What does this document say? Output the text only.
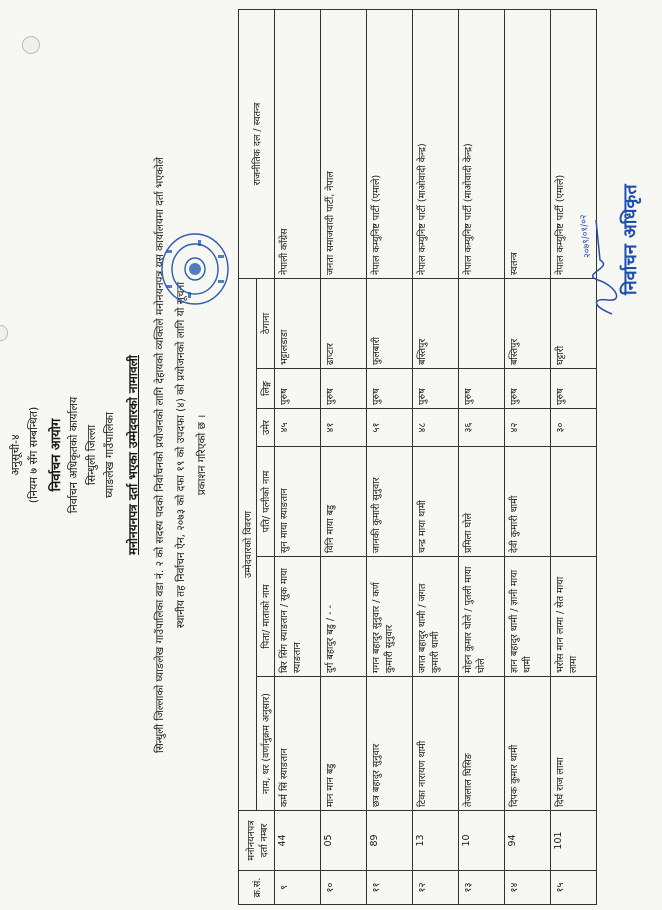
अनुसूची-४ (नियम ७ सँग सम्बन्धित) निर्वाचन आयोग निर्वाचन अधिकृतको कार्यालय सिन्धुली जिल्ला घ्याङलेख गाउँपालिका मनोनयनपत्र दर्ता भएका उम्मेदवारको नामावली	सिन्धुली जिल्लाको घ्याङलेख गाउँपालिका वडा नं. २ को सदस्य पदको निर्वाचनको प्रयोजनको लागि देहायको व्यक्तिले मनोनयनपत्र यस कार्यालयमा दर्ता भएकोले स्थानीय तह निर्वाचन ऐन, २०७३ को दफा १९ को उपदफा (४) को प्रयोजनको लागि यो सूचना प्रकाशन गरिएको छ ।
क्र.सं.	मनोनयनपत्र दर्ता नम्बर	उम्मेदवारको विवरण						राजनीतिक दल / स्वतन्त्र
		नाम, थर (वर्णानुक्रम अनुसार)	पिता/ माताको नाम	पति/ पत्नीको नाम	उमेर	लिङ्ग	ठेगाना	
९	44	कर्म सिं स्याङतान	बिर सिंग स्याङतान / सुक माया स्याङतान	सुन माया स्याङतान	४५	पुरुष	भट्टालडाडा	नेपाली काँग्रेस
१०	05	मान मान बडु	दुर्ग बहादुर बडु / - -	विनि माया बडु	४१	पुरुष	ढाप्टार	जनता समाजवादी पार्टी, नेपाल
११	89	छत्र बहादुर सुनुवार	गगन बहादुर सुनुवार / कर्ण कुमारी सुनुवार	जानकी कुमारी सुनुवार	५१	पुरुष	फुलबारी	नेपाल कम्युनिष्ट पार्टी (एमाले)
१२	13	टिका नारायण थामी	जगत बहादुर थामी / जगत कुमारी थामी	चन्द्र माया थामी	४८	पुरुष	बस्तिपुर	नेपाल कम्युनिष्ट पार्टी (माओवादी केन्द्र)
१३	10	तेजलाल घिसिङ	मोहन कुमार घोले / पुतली माया घोले	प्रमिला घोले	३६	पुरुष		नेपाल कम्युनिष्ट पार्टी (माओवादी केन्द्र)
१४	94	दिपक कुमार थामी	ज्ञान बहादुर थामी / ज्ञानी माया थामी	देवी कुमारी थामी	४२	पुरुष	बस्तिपुर	स्वतन्त्र
१५	101	दिर्घ राज लामा	भरोस मान लामा / सेत माया लामा		३०	पुरुष	घट्टारी	नेपाल कम्युनिष्ट पार्टी (एमाले)	२०७९/०१/०२ निर्वाचन अधिकृत
